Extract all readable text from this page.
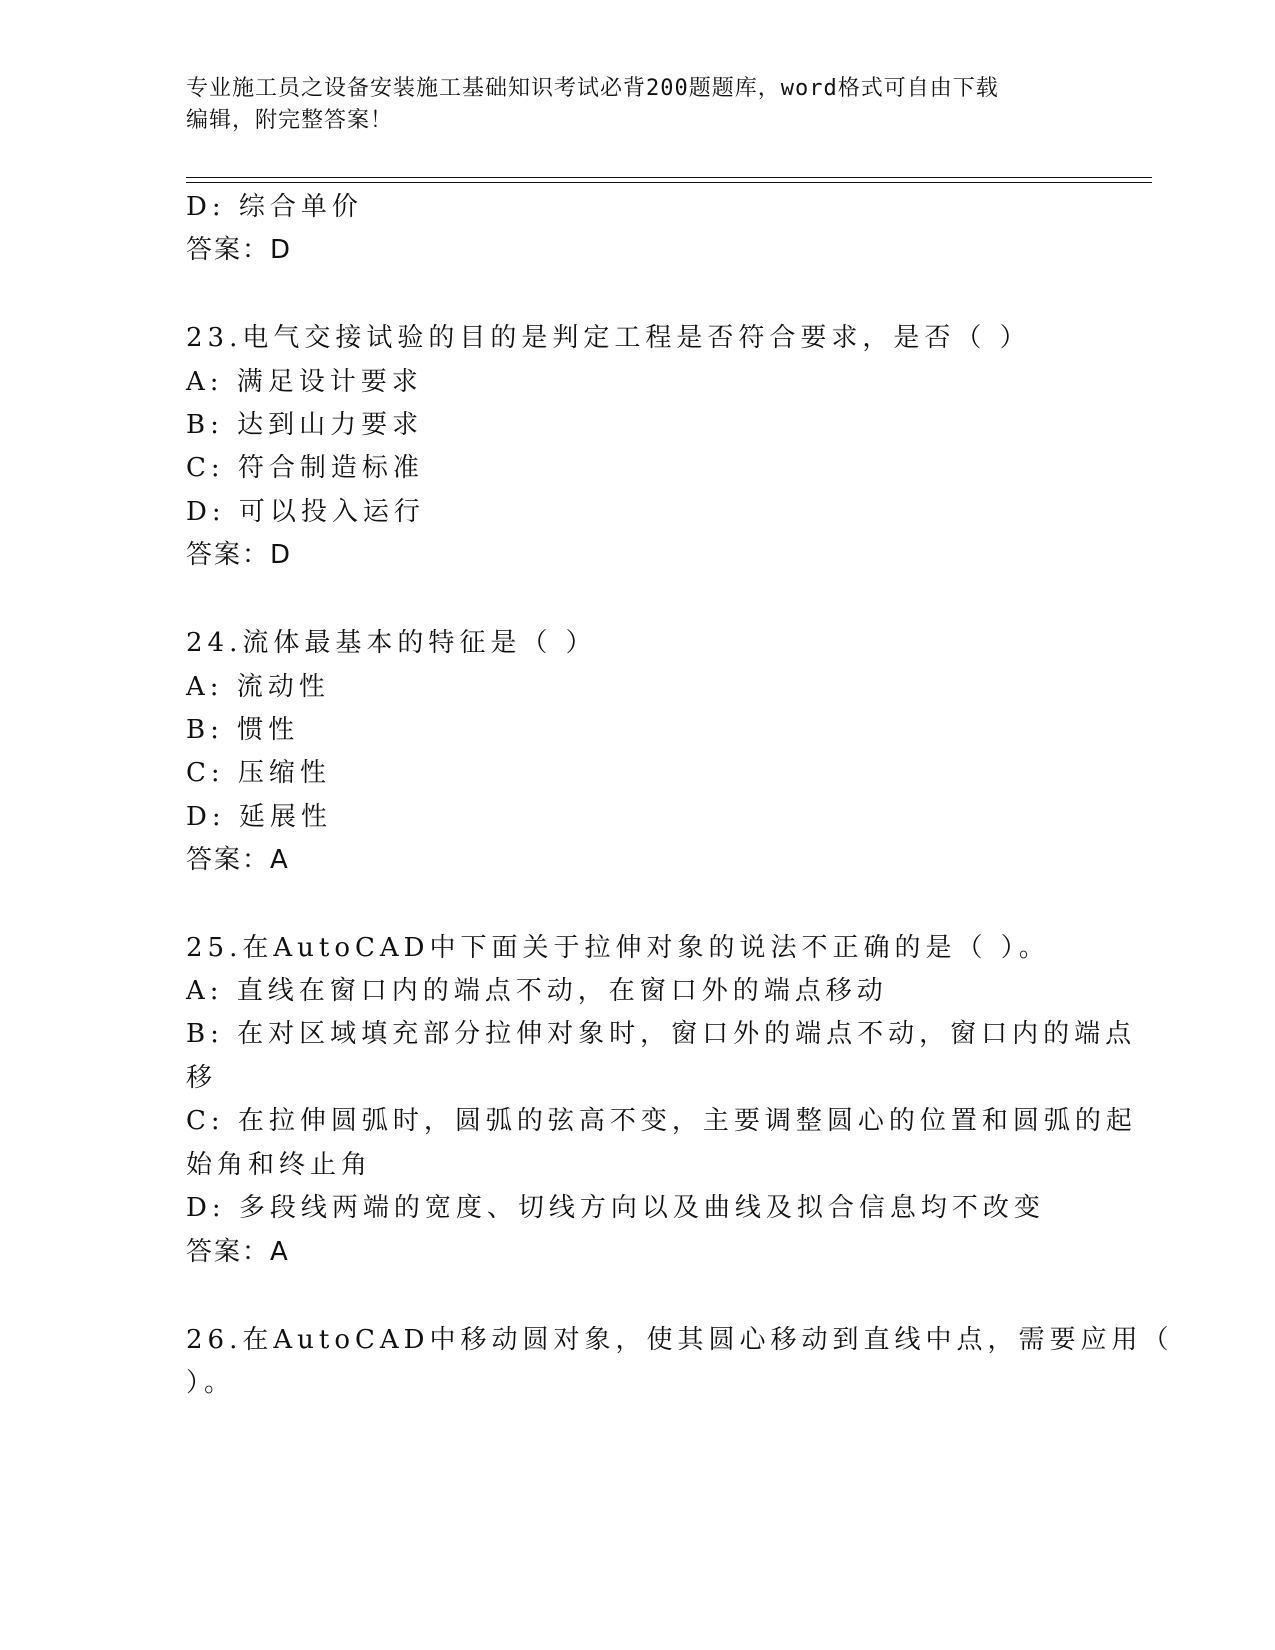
专业施工员之设备安装施工基础知识考试必背200题题库，word格式可自由下载
编辑，附完整答案！
D: 综合单价
答案：D
23.电气交接试验的目的是判定工程是否符合要求，是否（ ）
A: 满足设计要求
B: 达到山力要求
C: 符合制造标准
D: 可以投入运行
答案：D
24.流体最基本的特征是（ ）
A: 流动性
B: 惯性
C: 压缩性
D: 延展性
答案：A
25.在AutoCAD中下面关于拉伸对象的说法不正确的是（ ）。
A: 直线在窗口内的端点不动，在窗口外的端点移动
B: 在对区域填充部分拉伸对象时，窗口外的端点不动，窗口内的端点
移
C: 在拉伸圆弧时，圆弧的弦高不变，主要调整圆心的位置和圆弧的起
始角和终止角
D: 多段线两端的宽度、切线方向以及曲线及拟合信息均不改变
答案：A
26.在AutoCAD中移动圆对象，使其圆心移动到直线中点，需要应用（
）。
